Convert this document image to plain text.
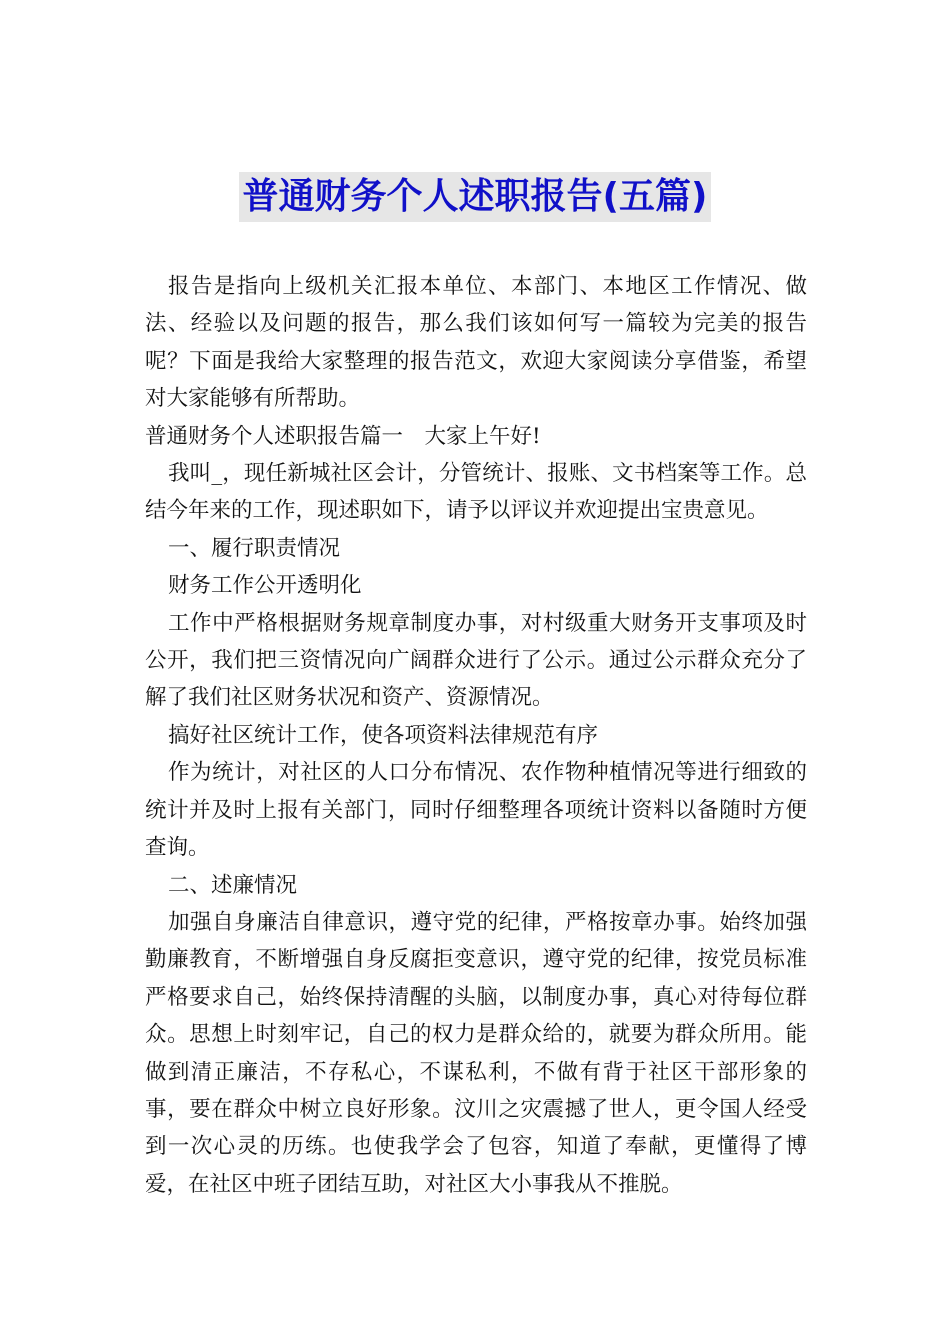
普通财务个人述职报告(五篇)

报告是指向上级机关汇报本单位、本部门、本地区工作情况、做法、经验以及问题的报告，那么我们该如何写一篇较为完美的报告呢？下面是我给大家整理的报告范文，欢迎大家阅读分享借鉴，希望对大家能够有所帮助。

普通财务个人述职报告篇一　大家上午好!

我叫_，现任新城社区会计，分管统计、报账、文书档案等工作。总结今年来的工作，现述职如下，请予以评议并欢迎提出宝贵意见。

一、履行职责情况

财务工作公开透明化

工作中严格根据财务规章制度办事，对村级重大财务开支事项及时公开，我们把三资情况向广阔群众进行了公示。通过公示群众充分了解了我们社区财务状况和资产、资源情况。

搞好社区统计工作，使各项资料法律规范有序

作为统计，对社区的人口分布情况、农作物种植情况等进行细致的统计并及时上报有关部门，同时仔细整理各项统计资料以备随时方便查询。

二、述廉情况

加强自身廉洁自律意识，遵守党的纪律，严格按章办事。始终加强勤廉教育，不断增强自身反腐拒变意识，遵守党的纪律，按党员标准严格要求自己，始终保持清醒的头脑，以制度办事，真心对待每位群众。思想上时刻牢记，自己的权力是群众给的，就要为群众所用。能做到清正廉洁，不存私心，不谋私利，不做有背于社区干部形象的事，要在群众中树立良好形象。汶川之灾震撼了世人，更令国人经受到一次心灵的历练。也使我学会了包容，知道了奉献，更懂得了博爱，在社区中班子团结互助，对社区大小事我从不推脱。
